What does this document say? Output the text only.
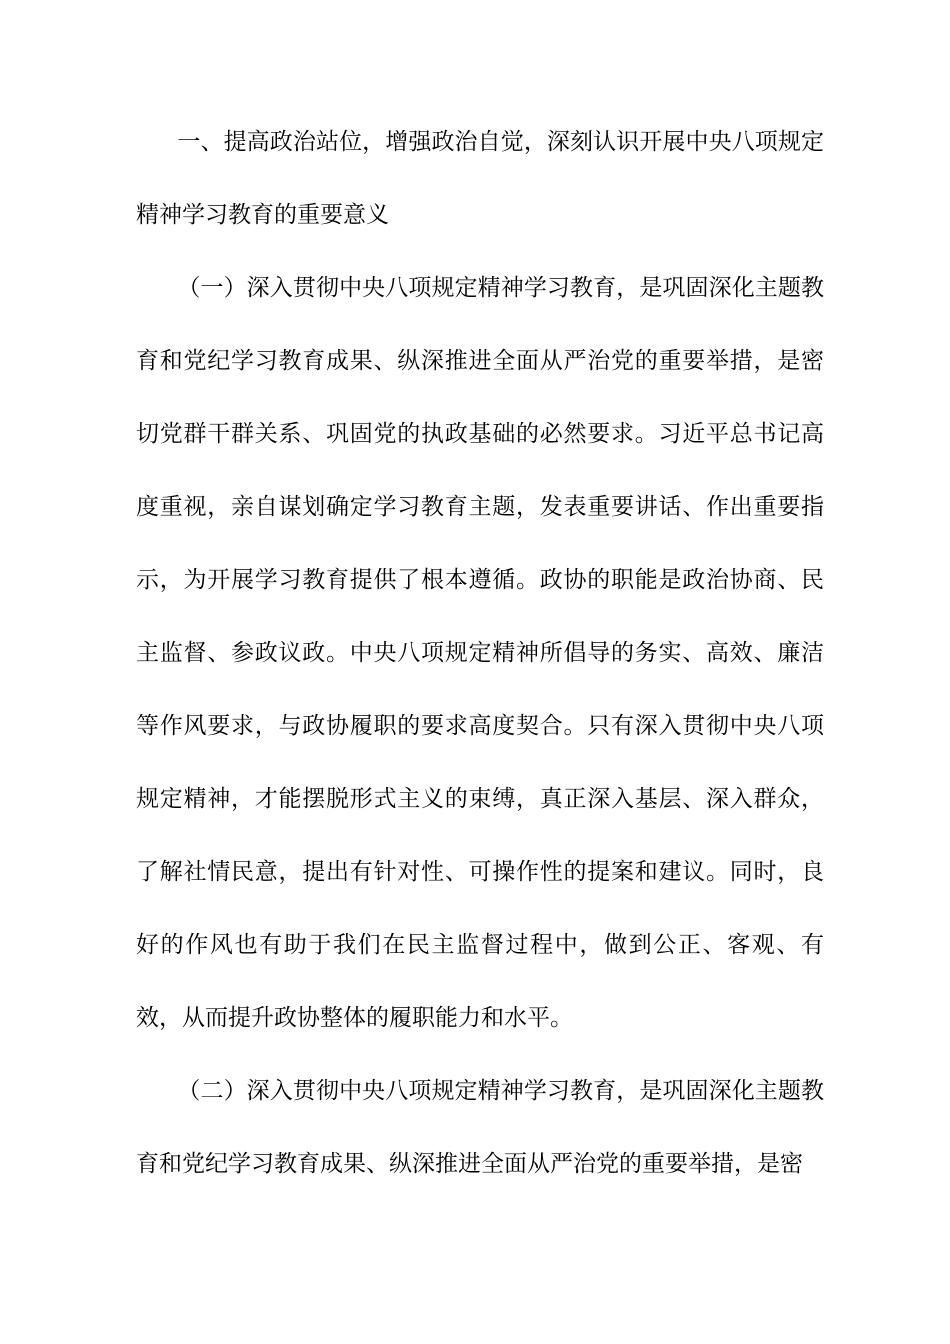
一、提高政治站位，增强政治自觉，深刻认识开展中央八项规定精神学习教育的重要意义

（一）深入贯彻中央八项规定精神学习教育，是巩固深化主题教育和党纪学习教育成果、纵深推进全面从严治党的重要举措，是密切党群干群关系、巩固党的执政基础的必然要求。习近平总书记高度重视，亲自谋划确定学习教育主题，发表重要讲话、作出重要指示，为开展学习教育提供了根本遵循。政协的职能是政治协商、民主监督、参政议政。中央八项规定精神所倡导的务实、高效、廉洁等作风要求，与政协履职的要求高度契合。只有深入贯彻中央八项规定精神，才能摆脱形式主义的束缚，真正深入基层、深入群众，了解社情民意，提出有针对性、可操作性的提案和建议。同时，良好的作风也有助于我们在民主监督过程中，做到公正、客观、有效，从而提升政协整体的履职能力和水平。

（二）深入贯彻中央八项规定精神学习教育，是巩固深化主题教育和党纪学习教育成果、纵深推进全面从严治党的重要举措，是密
